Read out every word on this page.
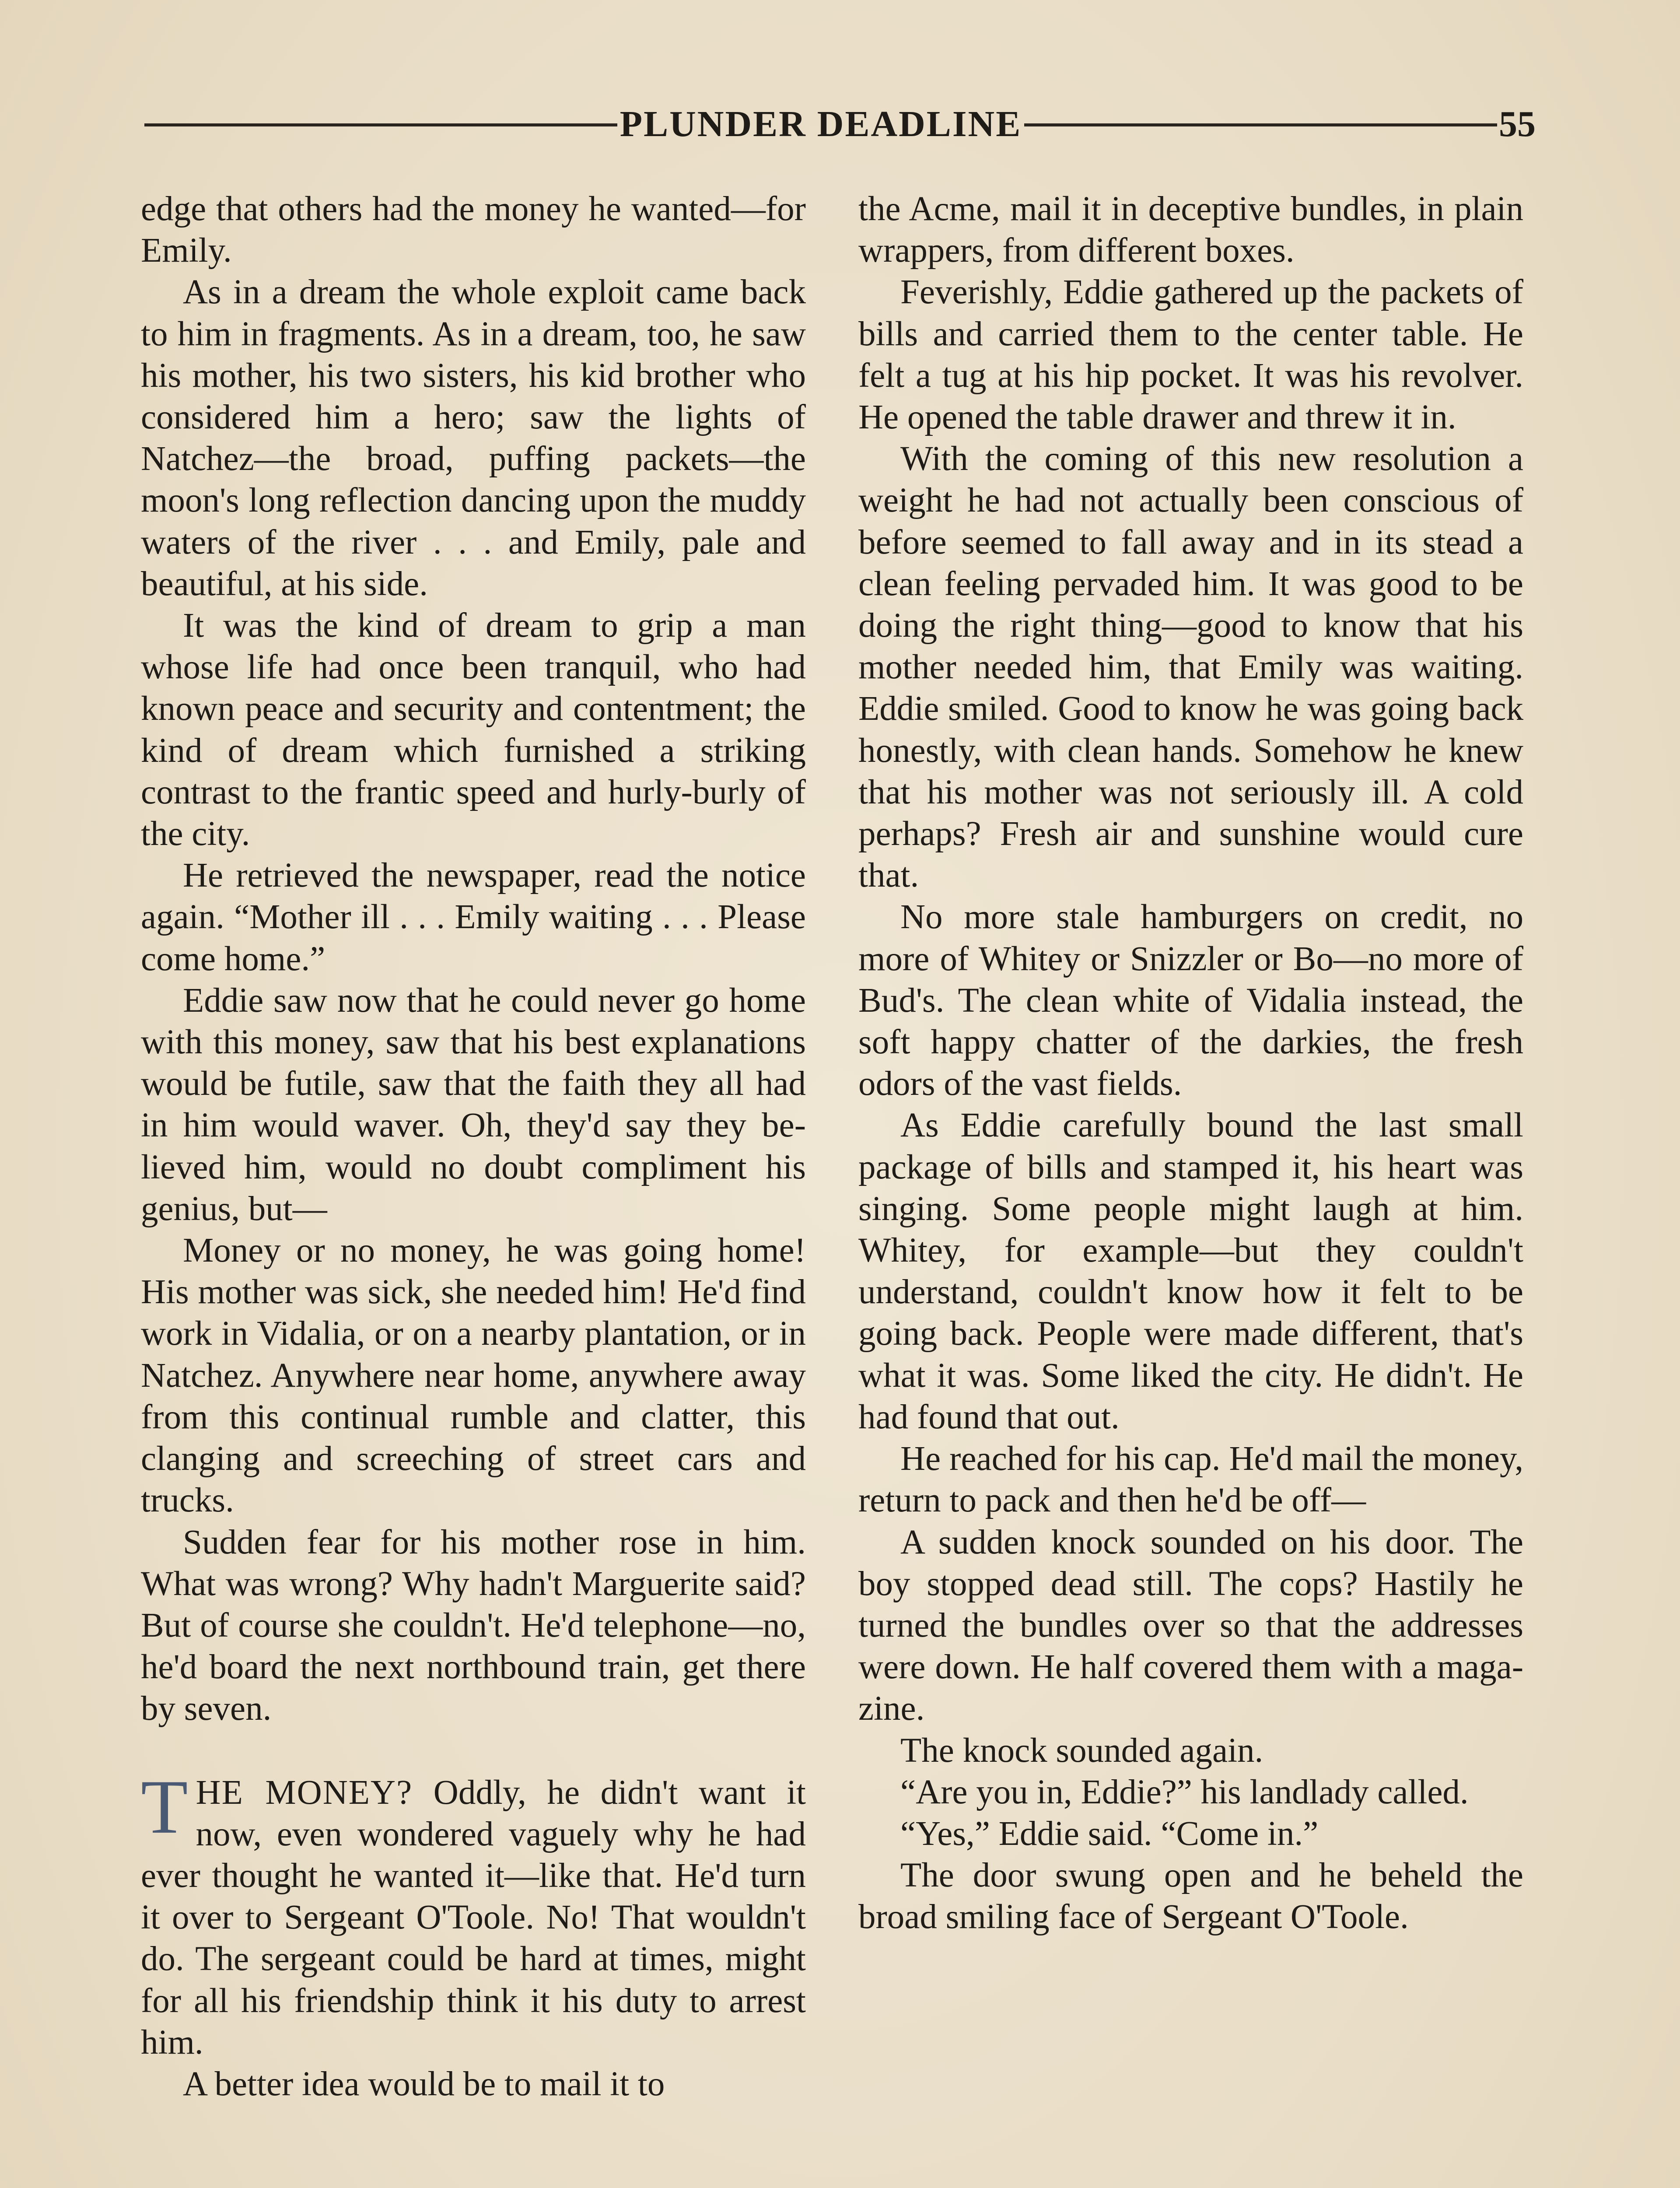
PLUNDER DEADLINE	55

edge that others had the money he wanted—for Emily.

As in a dream the whole exploit came back to him in fragments. As in a dream, too, he saw his mother, his two sisters, his kid brother who considered him a hero; saw the lights of Natchez—the broad, puffing packets—the moon's long reflection dancing upon the muddy waters of the river . . . and Emily, pale and beautiful, at his side.

It was the kind of dream to grip a man whose life had once been tranquil, who had known peace and security and contentment; the kind of dream which furnished a striking contrast to the frantic speed and hurly-burly of the city.

He retrieved the newspaper, read the notice again. “Mother ill . . . Emily waiting . . . Please come home.”

Eddie saw now that he could never go home with this money, saw that his best explanations would be futile, saw that the faith they all had in him would waver. Oh, they'd say they believed him, would no doubt compliment his genius, but—

Money or no money, he was going home! His mother was sick, she needed him! He'd find work in Vidalia, or on a nearby plantation, or in Natchez. Anywhere near home, anywhere away from this continual rumble and clatter, this clanging and screeching of street cars and trucks.

Sudden fear for his mother rose in him. What was wrong? Why hadn't Marguerite said? But of course she couldn't. He'd telephone—no, he'd board the next northbound train, get there by seven.

THE MONEY? Oddly, he didn't want it now, even wondered vaguely why he had ever thought he wanted it—like that. He'd turn it over to Sergeant O'Toole. No! That wouldn't do. The sergeant could be hard at times, might for all his friendship think it his duty to arrest him.

A better idea would be to mail it to

the Acme, mail it in deceptive bundles, in plain wrappers, from different boxes.

Feverishly, Eddie gathered up the packets of bills and carried them to the center table. He felt a tug at his hip pocket. It was his revolver. He opened the table drawer and threw it in.

With the coming of this new resolution a weight he had not actually been conscious of before seemed to fall away and in its stead a clean feeling pervaded him. It was good to be doing the right thing—good to know that his mother needed him, that Emily was waiting. Eddie smiled. Good to know he was going back honestly, with clean hands. Somehow he knew that his mother was not seriously ill. A cold perhaps? Fresh air and sunshine would cure that.

No more stale hamburgers on credit, no more of Whitey or Snizzler or Bo—no more of Bud's. The clean white of Vidalia instead, the soft happy chatter of the darkies, the fresh odors of the vast fields.

As Eddie carefully bound the last small package of bills and stamped it, his heart was singing. Some people might laugh at him. Whitey, for example—but they couldn't understand, couldn't know how it felt to be going back. People were made different, that's what it was. Some liked the city. He didn't. He had found that out.

He reached for his cap. He'd mail the money, return to pack and then he'd be off—

A sudden knock sounded on his door. The boy stopped dead still. The cops? Hastily he turned the bundles over so that the addresses were down. He half covered them with a magazine.

The knock sounded again.

“Are you in, Eddie?” his landlady called.

“Yes,” Eddie said. “Come in.”

The door swung open and he beheld the broad smiling face of Sergeant O'Toole.
